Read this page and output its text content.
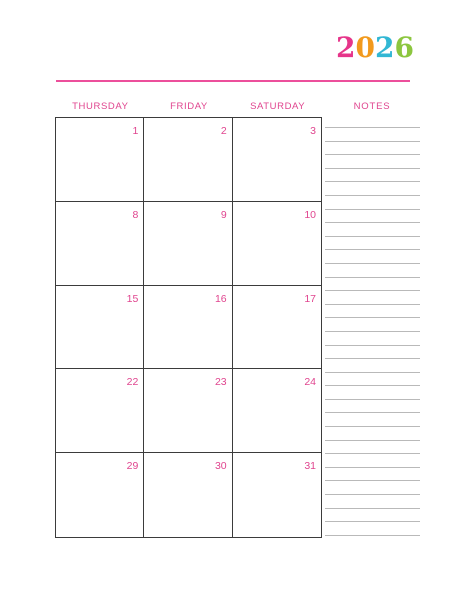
2 0 2 6
THURSDAY	FRIDAY	SATURDAY	NOTES
1	2	3
8	9	10
15	16	17
22	23	24
29	30	31
